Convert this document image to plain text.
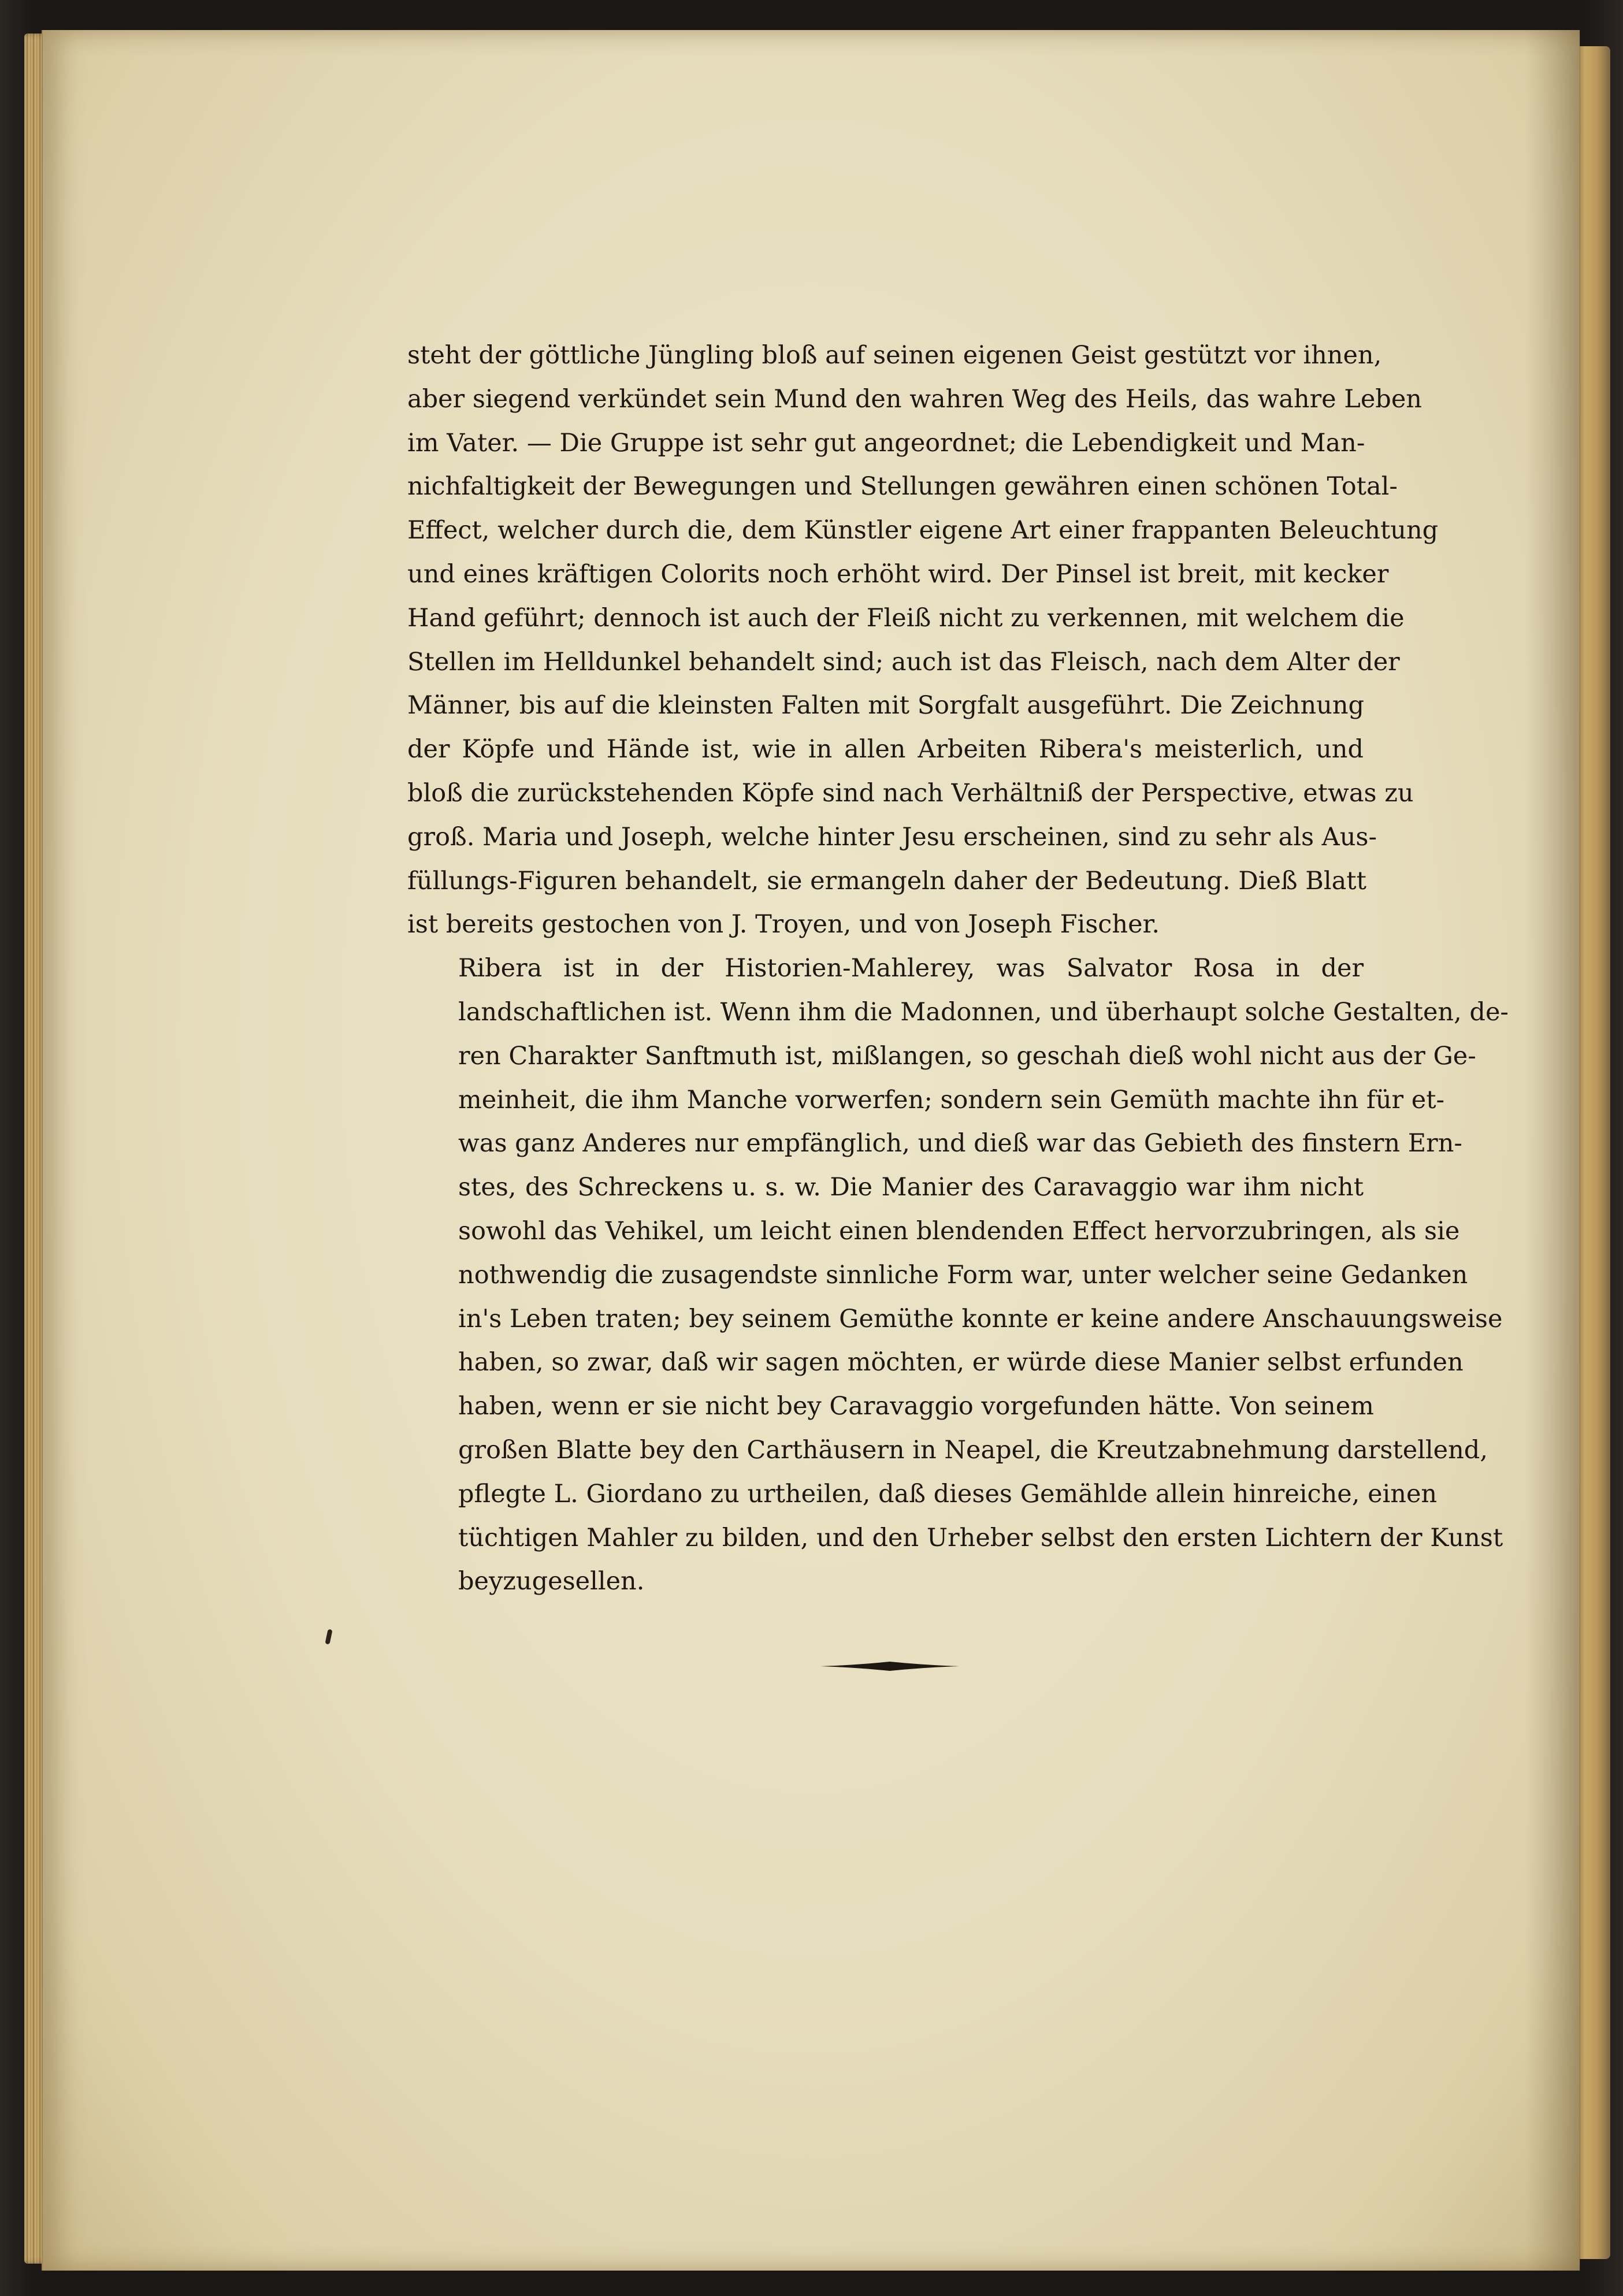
steht der göttliche Jüngling bloß auf seinen eigenen Geist gestützt vor ihnen,
aber siegend verkündet sein Mund den wahren Weg des Heils, das wahre Leben
im Vater. — Die Gruppe ist sehr gut angeordnet; die Lebendigkeit und Man-
nichfaltigkeit der Bewegungen und Stellungen gewähren einen schönen Total-
Effect, welcher durch die, dem Künstler eigene Art einer frappanten Beleuchtung
und eines kräftigen Colorits noch erhöht wird. Der Pinsel ist breit, mit kecker
Hand geführt; dennoch ist auch der Fleiß nicht zu verkennen, mit welchem die
Stellen im Helldunkel behandelt sind; auch ist das Fleisch, nach dem Alter der
Männer, bis auf die kleinsten Falten mit Sorgfalt ausgeführt. Die Zeichnung
der Köpfe und Hände ist, wie in allen Arbeiten Ribera's meisterlich, und
bloß die zurückstehenden Köpfe sind nach Verhältniß der Perspective, etwas zu
groß. Maria und Joseph, welche hinter Jesu erscheinen, sind zu sehr als Aus-
füllungs-Figuren behandelt, sie ermangeln daher der Bedeutung. Dieß Blatt
ist bereits gestochen von J. Troyen, und von Joseph Fischer.
Ribera ist in der Historien-Mahlerey, was Salvator Rosa in der
landschaftlichen ist. Wenn ihm die Madonnen, und überhaupt solche Gestalten, de-
ren Charakter Sanftmuth ist, mißlangen, so geschah dieß wohl nicht aus der Ge-
meinheit, die ihm Manche vorwerfen; sondern sein Gemüth machte ihn für et-
was ganz Anderes nur empfänglich, und dieß war das Gebieth des finstern Ern-
stes, des Schreckens u. s. w. Die Manier des Caravaggio war ihm nicht
sowohl das Vehikel, um leicht einen blendenden Effect hervorzubringen, als sie
nothwendig die zusagendste sinnliche Form war, unter welcher seine Gedanken
in's Leben traten; bey seinem Gemüthe konnte er keine andere Anschauungsweise
haben, so zwar, daß wir sagen möchten, er würde diese Manier selbst erfunden
haben, wenn er sie nicht bey Caravaggio vorgefunden hätte. Von seinem
großen Blatte bey den Carthäusern in Neapel, die Kreutzabnehmung darstellend,
pflegte L. Giordano zu urtheilen, daß dieses Gemählde allein hinreiche, einen
tüchtigen Mahler zu bilden, und den Urheber selbst den ersten Lichtern der Kunst
beyzugesellen.
